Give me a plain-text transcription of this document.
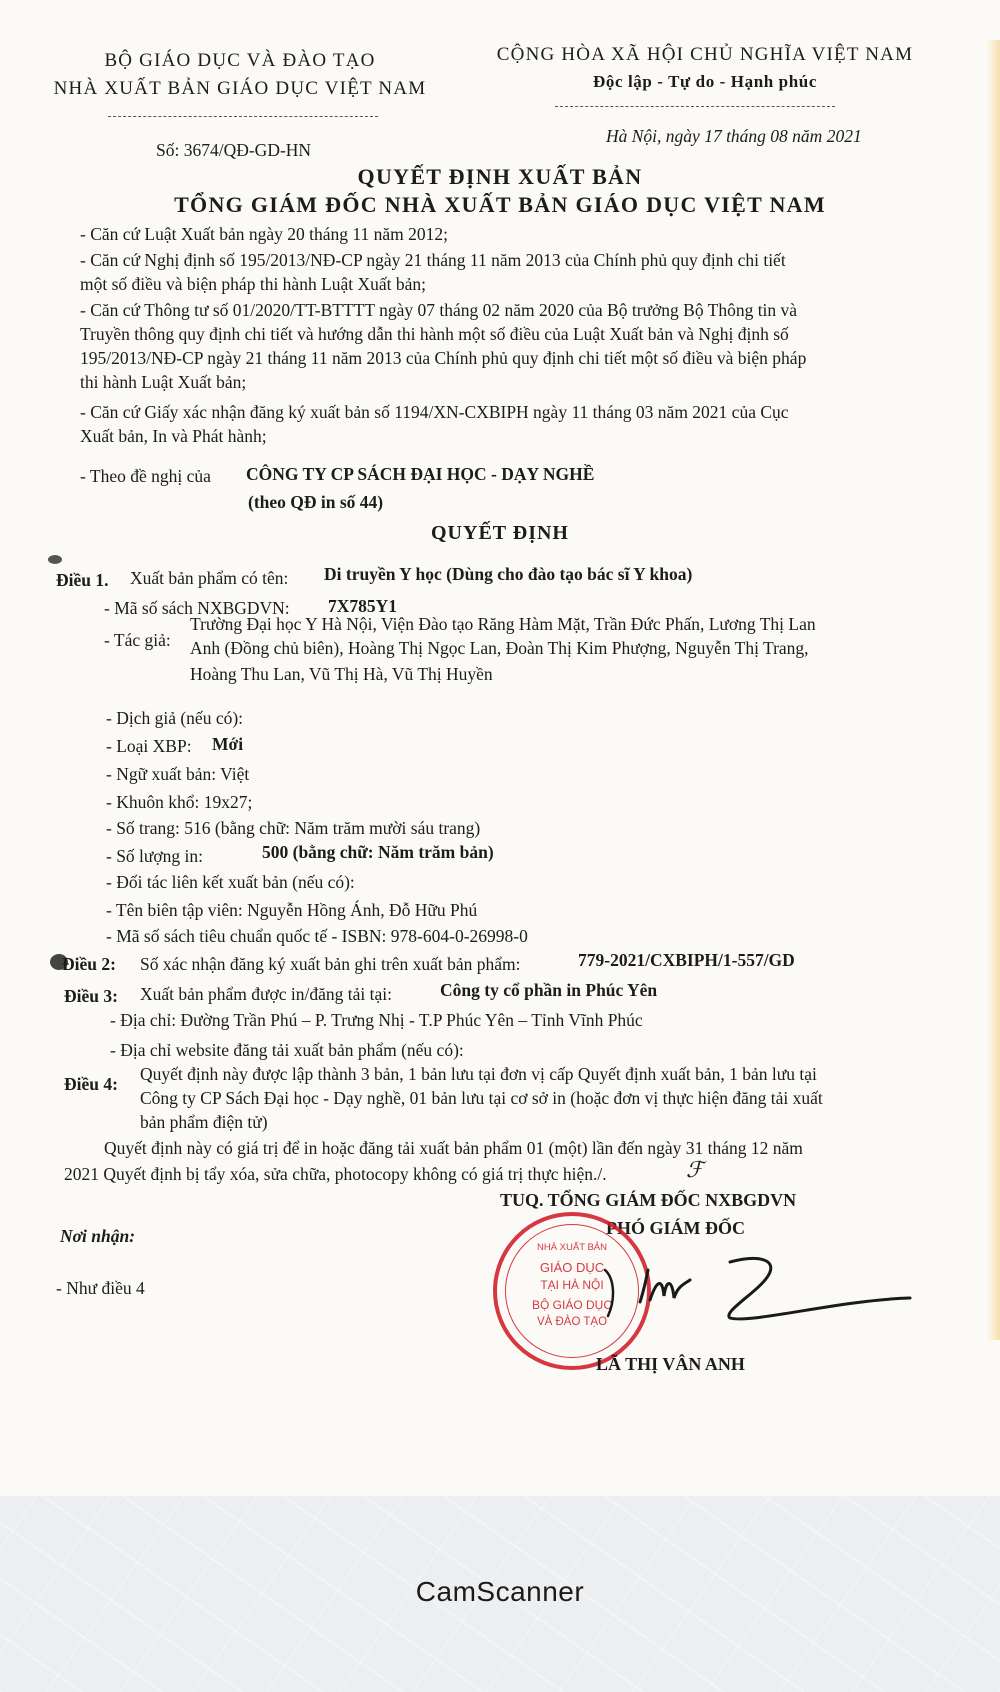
BỘ GIÁO DỤC VÀ ĐÀO TẠO
NHÀ XUẤT BẢN GIÁO DỤC VIỆT NAM
CỘNG HÒA XÃ HỘI CHỦ NGHĨA VIỆT NAM
Độc lập - Tự do - Hạnh phúc
Số: 3674/QĐ-GD-HN
Hà Nội, ngày 17 tháng 08 năm 2021
QUYẾT ĐỊNH XUẤT BẢN
TỔNG GIÁM ĐỐC NHÀ XUẤT BẢN GIÁO DỤC VIỆT NAM
- Căn cứ Luật Xuất bản ngày 20 tháng 11 năm 2012;
- Căn cứ Nghị định số 195/2013/NĐ-CP ngày 21 tháng 11 năm 2013 của Chính phủ quy định chi tiết
một số điều và biện pháp thi hành Luật Xuất bản;
- Căn cứ Thông tư số 01/2020/TT-BTTTT ngày 07 tháng 02 năm 2020 của Bộ trưởng Bộ Thông tin và
Truyền thông quy định chi tiết và hướng dẫn thi hành một số điều của Luật Xuất bản và Nghị định số
195/2013/NĐ-CP ngày 21 tháng 11 năm 2013 của Chính phủ quy định chi tiết một số điều và biện pháp
thi hành Luật Xuất bản;
- Căn cứ Giấy xác nhận đăng ký xuất bản số 1194/XN-CXBIPH ngày 11 tháng 03 năm 2021 của Cục
Xuất bản, In và Phát hành;
- Theo đề nghị của CÔNG TY CP SÁCH ĐẠI HỌC - DẠY NGHỀ
(theo QĐ in số 44)
QUYẾT ĐỊNH
Điều 1. Xuất bản phẩm có tên: Di truyền Y học (Dùng cho đào tạo bác sĩ Y khoa)
- Mã số sách NXBGDVN: 7X785Y1
- Tác giả:
Trường Đại học Y Hà Nội, Viện Đào tạo Răng Hàm Mặt, Trần Đức Phấn, Lương Thị Lan
Anh (Đồng chủ biên), Hoàng Thị Ngọc Lan, Đoàn Thị Kim Phượng, Nguyễn Thị Trang,
Hoàng Thu Lan, Vũ Thị Hà, Vũ Thị Huyền
- Dịch giả (nếu có):
- Loại XBP: Mới
- Ngữ xuất bản: Việt
- Khuôn khổ: 19x27;
- Số trang: 516 (bằng chữ: Năm trăm mười sáu trang)
- Số lượng in:	500 (bằng chữ: Năm trăm bản)
- Đối tác liên kết xuất bản (nếu có):
- Tên biên tập viên: Nguyễn Hồng Ánh, Đỗ Hữu Phú
- Mã số sách tiêu chuẩn quốc tế - ISBN: 978-604-0-26998-0
Điều 2: Số xác nhận đăng ký xuất bản ghi trên xuất bản phẩm:	779-2021/CXBIPH/1-557/GD
Điều 3: Xuất bản phẩm được in/đăng tải tại:	Công ty cổ phần in Phúc Yên
- Địa chỉ: Đường Trần Phú – P. Trưng Nhị - T.P Phúc Yên – Tỉnh Vĩnh Phúc
- Địa chỉ website đăng tải xuất bản phẩm (nếu có):
Điều 4: Quyết định này được lập thành 3 bản, 1 bản lưu tại đơn vị cấp Quyết định xuất bản, 1 bản lưu tại
Công ty CP Sách Đại học - Dạy nghề, 01 bản lưu tại cơ sở in (hoặc đơn vị thực hiện đăng tải xuất
bản phẩm điện tử)
Quyết định này có giá trị để in hoặc đăng tải xuất bản phẩm 01 (một) lần đến ngày 31 tháng 12 năm
2021 Quyết định bị tẩy xóa, sửa chữa, photocopy không có giá trị thực hiện./.	ℱ
TUQ. TỔNG GIÁM ĐỐC NXBGDVN
PHÓ GIÁM ĐỐC
Nơi nhận:
- Như điều 4
NHÀ XUẤT BẢN
GIÁO DỤC
TẠI HÀ NỘI
BỘ GIÁO DỤC
VÀ ĐÀO TẠO
LÃ THỊ VÂN ANH
CamScanner
